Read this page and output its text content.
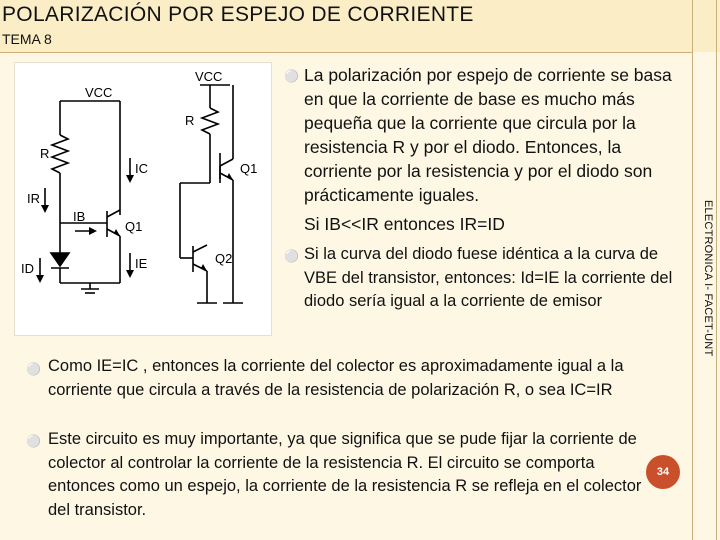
POLARIZACIÓN POR ESPEJO DE CORRIENTE
TEMA 8
ELECTRONICA I- FACET-UNT
VCC
VCC
R
R
IC
IR
IB
Q1
Q1
Q2
ID	IE
⚪ La polarización por espejo de corriente se basa en que la corriente de base es mucho más pequeña que la corriente que circula por la resistencia R y por el diodo. Entonces, la corriente por la resistencia y por el diodo son prácticamente iguales.
Si IB<<IR entonces IR=ID
⚪ Si la curva del diodo fuese idéntica a la curva de VBE del transistor, entonces: Id=IE la corriente del diodo sería igual a la corriente de emisor
⚪ Como IE=IC , entonces la corriente del colector es aproximadamente igual a la corriente que circula a través de la resistencia de polarización R, o sea IC=IR
⚪ Este circuito es muy importante, ya que significa que se pude fijar la corriente de colector al controlar la corriente de la resistencia R. El circuito se comporta entonces como un espejo, la corriente de la resistencia R se refleja en el colector del transistor.
34
